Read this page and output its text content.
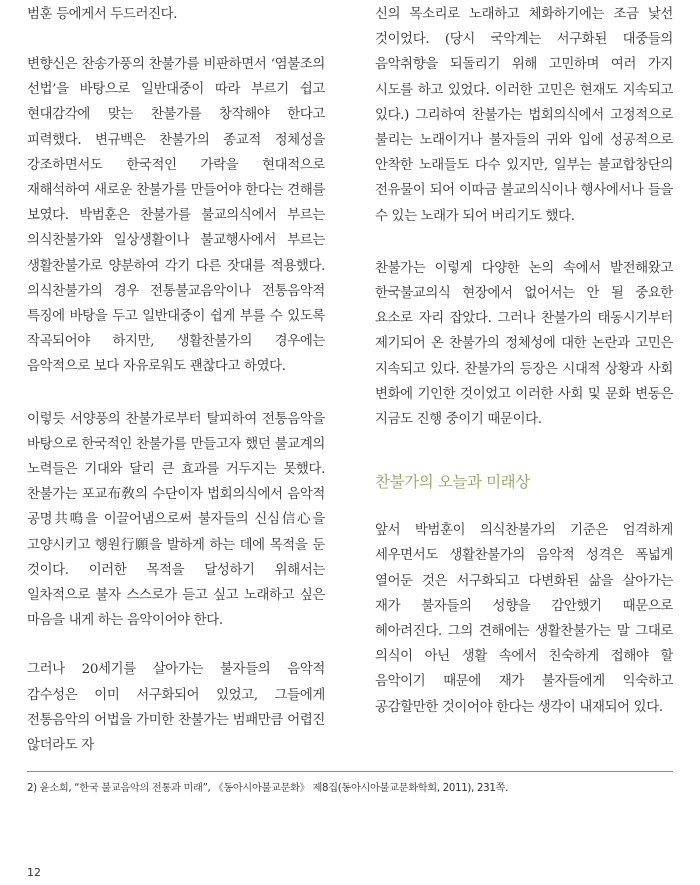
범훈 등에게서 두드러진다.

변향신은 찬송가풍의 찬불가를 비판하면서 ‘염불조의 선법’을 바탕으로 일반대중이 따라 부르기 쉽고 현대감각에 맞는 찬불가를 창작해야 한다고 피력했다. 변규백은 찬불가의 종교적 정체성을 강조하면서도 한국적인 가락을 현대적으로 재해석하여 새로운 찬불가를 만들어야 한다는 견해를 보였다. 박범훈은 찬불가를 불교의식에서 부르는 의식찬불가와 일상생활이나 불교행사에서 부르는 생활찬불가로 양분하여 각기 다른 잣대를 적용했다. 의식찬불가의 경우 전통불교음악이나 전통음악적 특징에 바탕을 두고 일반대중이 쉽게 부를 수 있도록 작곡되어야 하지만, 생활찬불가의 경우에는 음악적으로 보다 자유로워도 괜찮다고 하였다.

이렇듯 서양풍의 찬불가로부터 탈피하여 전통음악을 바탕으로 한국적인 찬불가를 만들고자 했던 불교계의 노력들은 기대와 달리 큰 효과를 거두지는 못했다. 찬불가는 포교布敎의 수단이자 법회의식에서 음악적 공명共鳴을 이끌어냄으로써 불자들의 신심信心을 고양시키고 행원行願을 발하게 하는 데에 목적을 둔 것이다. 이러한 목적을 달성하기 위해서는 일차적으로 불자 스스로가 듣고 싶고 노래하고 싶은 마음을 내게 하는 음악이어야 한다.

그러나 20세기를 살아가는 불자들의 음악적 감수성은 이미 서구화되어 있었고, 그들에게 전통음악의 어법을 가미한 찬불가는 범패만큼 어렵진 않더라도 자

신의 목소리로 노래하고 체화하기에는 조금 낯선 것이었다. (당시 국악계는 서구화된 대중들의 음악취향을 되돌리기 위해 고민하며 여러 가지 시도를 하고 있었다. 이러한 고민은 현재도 지속되고 있다.) 그리하여 찬불가는 법회의식에서 고정적으로 불리는 노래이거나 불자들의 귀와 입에 성공적으로 안착한 노래들도 다수 있지만, 일부는 불교합창단의 전유물이 되어 이따금 불교의식이나 행사에서나 들을 수 있는 노래가 되어 버리기도 했다.

찬불가는 이렇게 다양한 논의 속에서 발전해왔고 한국불교의식 현장에서 없어서는 안 될 중요한 요소로 자리 잡았다. 그러나 찬불가의 태동시기부터 제기되어 온 찬불가의 정체성에 대한 논란과 고민은 지속되고 있다. 찬불가의 등장은 시대적 상황과 사회 변화에 기인한 것이었고 이러한 사회 및 문화 변동은 지금도 진행 중이기 때문이다.

찬불가의 오늘과 미래상

앞서 박범훈이 의식찬불가의 기준은 엄격하게 세우면서도 생활찬불가의 음악적 성격은 폭넓게 열어둔 것은 서구화되고 다변화된 삶을 살아가는 재가 불자들의 성향을 감안했기 때문으로 헤아려진다. 그의 견해에는 생활찬불가는 말 그대로 의식이 아닌 생활 속에서 친숙하게 접해야 할 음악이기 때문에 재가 불자들에게 익숙하고 공감할만한 것이어야 한다는 생각이 내재되어 있다.

2) 윤소희, “한국 불교음악의 전통과 미래”, 《동아시아불교문화》 제8집(동아시아불교문화학회, 2011), 231쪽.
12
